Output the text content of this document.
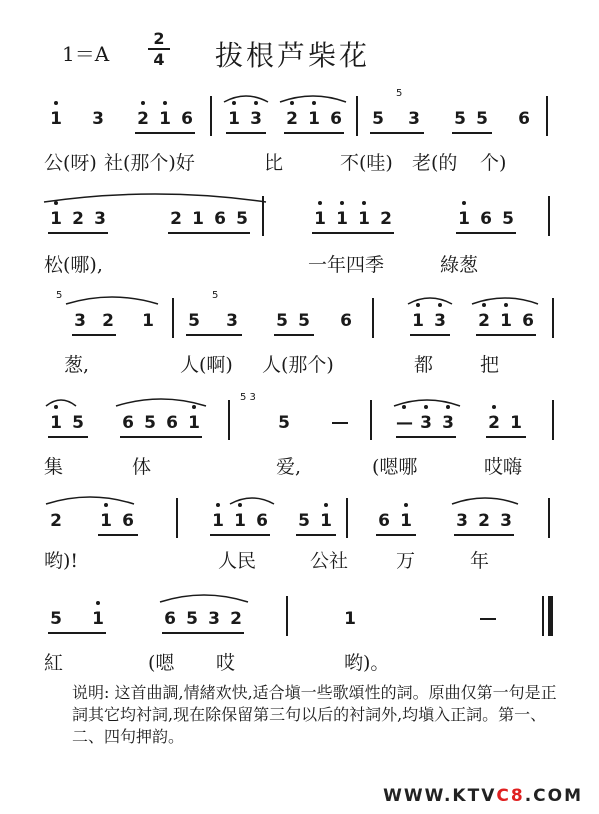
1＝A
2
4 拔根芦柴花
1 3 2 1 6 1 3 2 1 6
5
5 3 5 5 6
公(呀) 社(那个)好	比	不(哇) 老(的 个)
1 2 3	2 1 6 5	1 1 1 2	1 6 5
松(哪),	一年四季	綠葱
5
3 2 1
5
5 3 5 5 6	1 3 2 1 6
葱,	人(啊) 人(那个)	都 把
1 5 6 5 6 1
5 3
5	— 3 3 2 1
集	体	爱,	(嗯哪	哎嗨
2 1 6	1 1 6 5 1	6 1	3 2 3
哟)!	人民	公社	万	年
5 1	6 5 3 2	1
紅	(嗯 哎	哟)。
说明: 这首曲調,情緒欢快,适合塡一些歌頌性的詞。原曲仅第一句是正詞其它均衬詞,现在除保留第三句以后的衬詞外,均塡入正詞。第一、二、四句押韵。
WWW.KTVC8.COM
